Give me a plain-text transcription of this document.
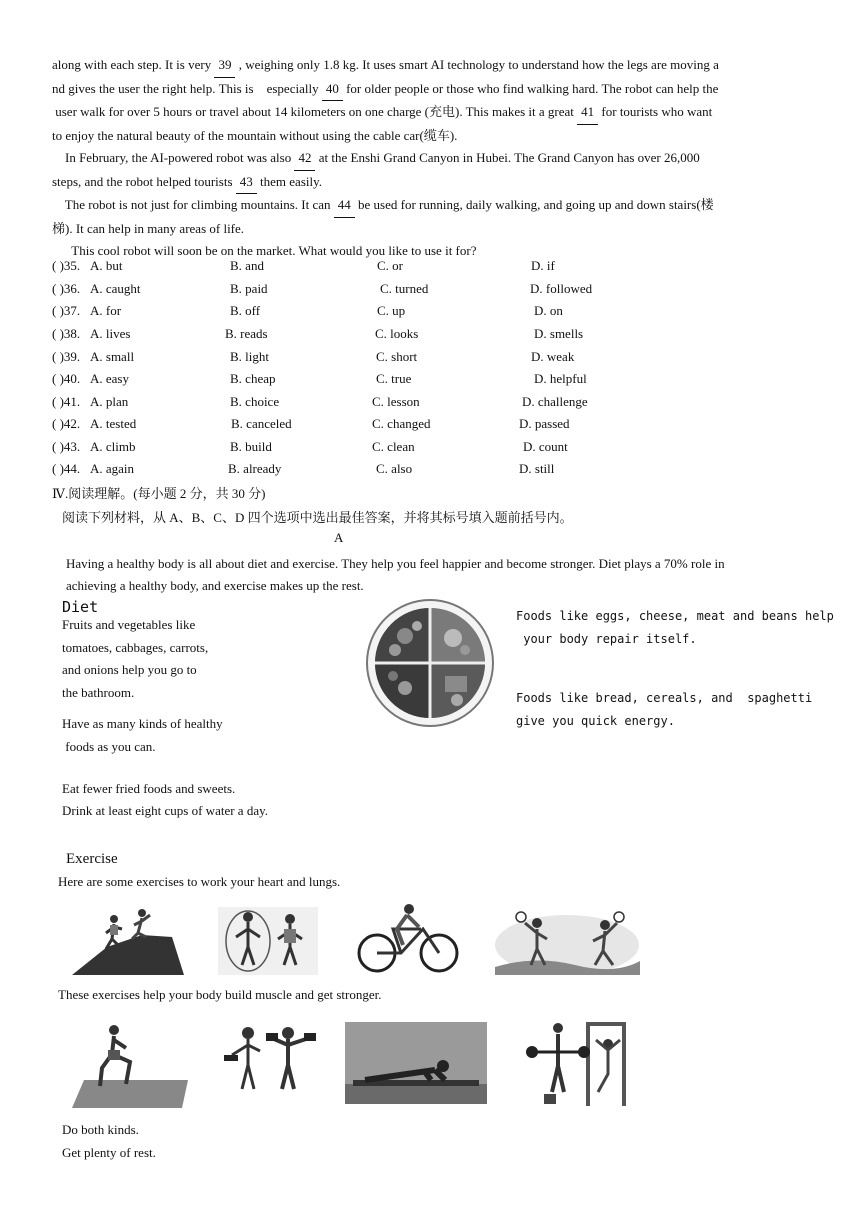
along with each step. It is very 39 , weighing only 1.8 kg. It uses smart AI technology to understand how the legs are moving a
nd gives the user the right help. This is    especially 40 for older people or those who find walking hard. The robot can help the
user walk for over 5 hours or travel about 14 kilometers on one charge (充电). This makes it a great 41 for tourists who want
to enjoy the natural beauty of the mountain without using the cable car(缆车).
In February, the AI-powered robot was also 42 at the Enshi Grand Canyon in Hubei. The Grand Canyon has over 26,000
steps, and the robot helped tourists 43 them easily.
The robot is not just for climbing mountains. It can 44 be used for running, daily walking, and going up and down stairs(楼
梯). It can help in many areas of life.
This cool robot will soon be on the market. What would you like to use it for?
( )35. A. but	B. and	C. or	D. if
( )36. A. caught	B. paid	C. turned	D. followed
( )37. A. for	B. off	C. up	D. on
( )38. A. lives	B. reads	C. looks	D. smells
( )39. A. small	B. light	C. short	D. weak
( )40. A. easy	B. cheap	C. true	D. helpful
( )41. A. plan	B. choice	C. lesson	D. challenge
( )42. A. tested	B. canceled	C. changed	D. passed
( )43. A. climb	B. build	C. clean	D. count
( )44. A. again	B. already	C. also	D. still
Ⅳ.阅读理解。(每小题 2 分，共 30 分)
阅读下列材料，从 A、B、C、D 四个选项中选出最佳答案，并将其标号填入题前括号内。
A
Having a healthy body is all about diet and exercise. They help you feel happier and become stronger. Diet plays a 70% role in
achieving a healthy body, and exercise makes up the rest.
Diet
Fruits and vegetables like
tomatoes, cabbages, carrots,
and onions help you go to
the bathroom.
Have as many kinds of healthy
foods as you can.
Eat fewer fried foods and sweets.
Drink at least eight cups of water a day.
Foods like eggs, cheese, meat and beans help
your body repair itself.
Foods like bread, cereals, and  spaghetti
give you quick energy.
Exercise
Here are some exercises to work your heart and lungs.
These exercises help your body build muscle and get stronger.
Do both kinds.
Get plenty of rest.
